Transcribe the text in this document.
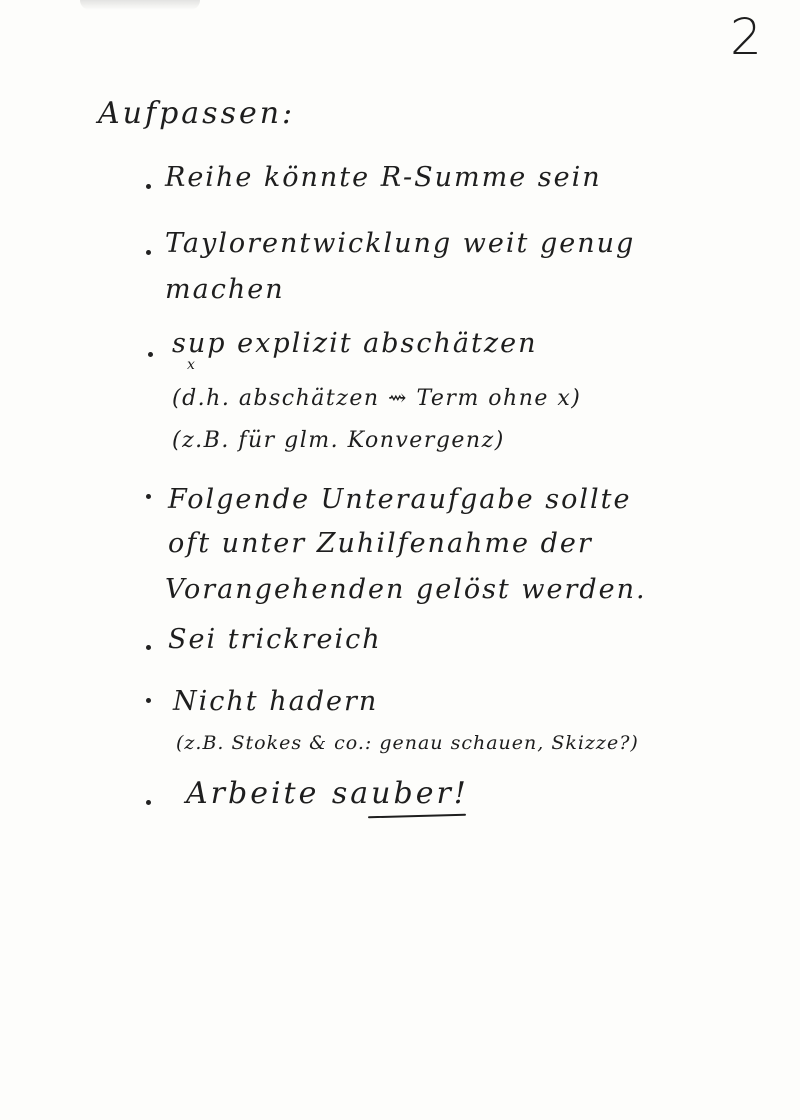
2
Aufpassen:
Reihe könnte R-Summe sein
Taylorentwicklung weit genug
machen
sup explizit abschätzen
x
(d.h. abschätzen ⇝ Term ohne x)
(z.B. für glm. Konvergenz)
Folgende Unteraufgabe sollte
oft unter Zuhilfenahme der
Vorangehenden gelöst werden.
Sei trickreich
Nicht hadern
(z.B. Stokes & co.: genau schauen, Skizze?)
Arbeite sauber!
